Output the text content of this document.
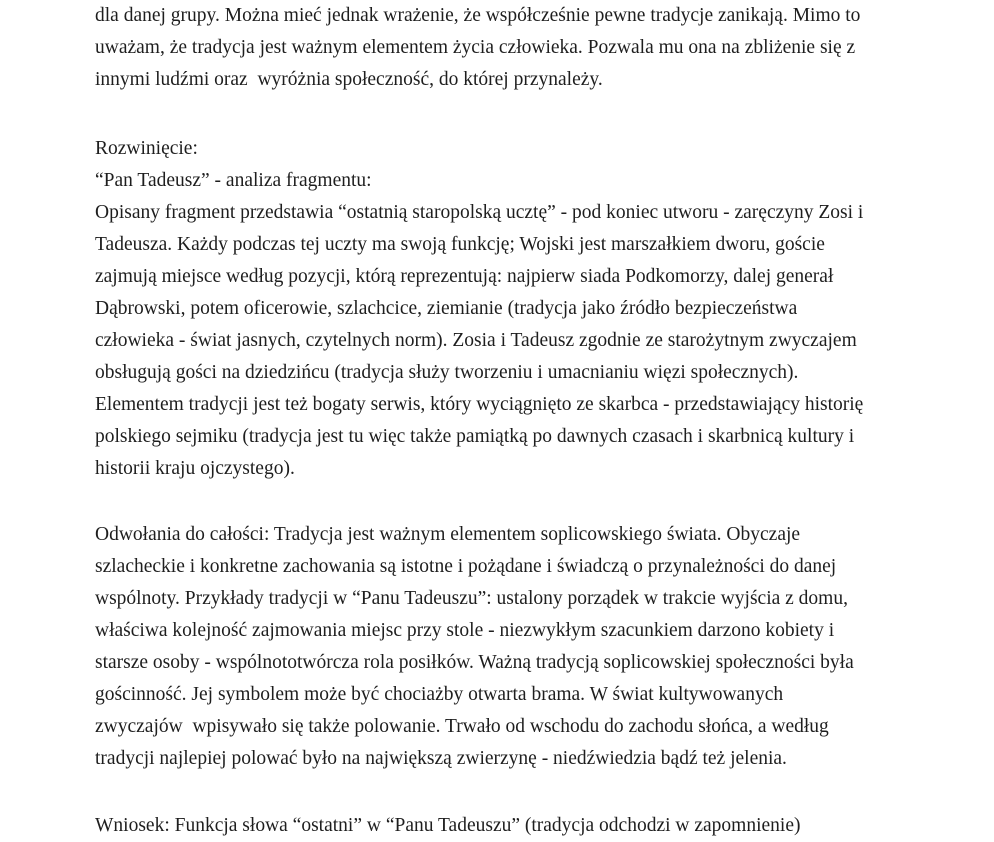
dla danej grupy. Można mieć jednak wrażenie, że współcześnie pewne tradycje zanikają. Mimo to
uważam, że tradycja jest ważnym elementem życia człowieka. Pozwala mu ona na zbliżenie się z
innymi ludźmi oraz  wyróżnia społeczność, do której przynależy.
Rozwinięcie:
“Pan Tadeusz” - analiza fragmentu:
Opisany fragment przedstawia “ostatnią staropolską ucztę” - pod koniec utworu - zaręczyny Zosi i
Tadeusza. Każdy podczas tej uczty ma swoją funkcję; Wojski jest marszałkiem dworu, goście
zajmują miejsce według pozycji, którą reprezentują: najpierw siada Podkomorzy, dalej generał
Dąbrowski, potem oficerowie, szlachcice, ziemianie (tradycja jako źródło bezpieczeństwa
człowieka - świat jasnych, czytelnych norm). Zosia i Tadeusz zgodnie ze starożytnym zwyczajem
obsługują gości na dziedzińcu (tradycja służy tworzeniu i umacnianiu więzi społecznych).
Elementem tradycji jest też bogaty serwis, który wyciągnięto ze skarbca - przedstawiający historię
polskiego sejmiku (tradycja jest tu więc także pamiątką po dawnych czasach i skarbnicą kultury i
historii kraju ojczystego).
Odwołania do całości: Tradycja jest ważnym elementem soplicowskiego świata. Obyczaje
szlacheckie i konkretne zachowania są istotne i pożądane i świadczą o przynależności do danej
wspólnoty. Przykłady tradycji w “Panu Tadeuszu”: ustalony porządek w trakcie wyjścia z domu,
właściwa kolejność zajmowania miejsc przy stole - niezwykłym szacunkiem darzono kobiety i
starsze osoby - wspólnototwórcza rola posiłków. Ważną tradycją soplicowskiej społeczności była
gościnność. Jej symbolem może być chociażby otwarta brama. W świat kultywowanych
zwyczajów  wpisywało się także polowanie. Trwało od wschodu do zachodu słońca, a według
tradycji najlepiej polować było na największą zwierzynę - niedźwiedzia bądź też jelenia.
Wniosek: Funkcja słowa “ostatni” w “Panu Tadeuszu” (tradycja odchodzi w zapomnienie)
